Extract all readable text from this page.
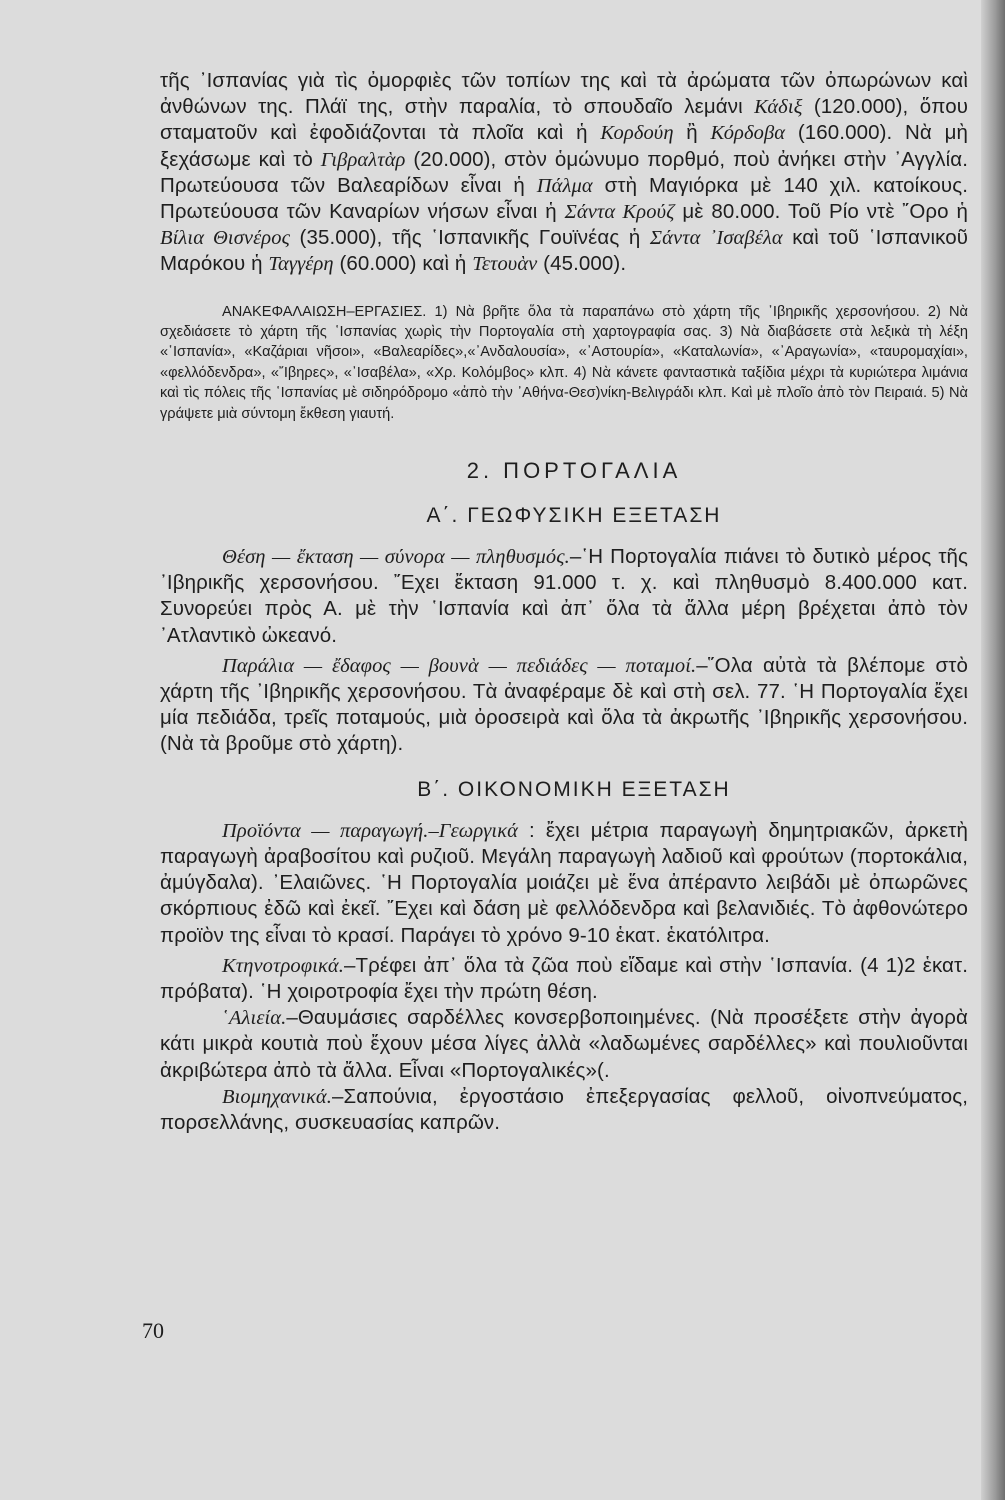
τῆς ᾿Ισπανίας γιὰ τὶς ὀμορφιὲς τῶν τοπίων της καὶ τὰ ἀρώματα τῶν ὀπωρώνων καὶ ἀνθώνων της. Πλάϊ της, στὴν παραλία, τὸ σπουδαῖο λεμάνι Κάδιξ (120.000), ὅπου σταματοῦν καὶ ἐφοδιάζονται τὰ πλοῖα καὶ ἡ Κορδούη ἢ Κόρδοβα (160.000). Νὰ μὴ ξεχάσωμε καὶ τὸ Γιβραλτὰρ (20.000), στὸν ὁμώνυμο πορθμό, ποὺ ἀνήκει στὴν ᾿Αγγλία. Πρωτεύουσα τῶν Βαλεαρίδων εἶναι ἡ Πάλμα στὴ Μαγιόρκα μὲ 140 χιλ. κατοίκους. Πρωτεύουσα τῶν Καναρίων νήσων εἶναι ἡ Σάντα Κρούζ μὲ 80.000. Τοῦ Ρίο ντὲ ῎Ορο ἡ Βίλια Θισνέρος (35.000), τῆς ῾Ισπανικῆς Γουϊνέας ἡ Σάντα ᾿Ισαβέλα καὶ τοῦ ῾Ισπανικοῦ Μαρόκου ἡ Ταγγέρη (60.000) καὶ ἡ Τετουὰν (45.000).

ΑΝΑΚΕΦΑΛΑΙΩΣΗ–ΕΡΓΑΣΙΕΣ. 1) Νὰ βρῆτε ὅλα τὰ παραπάνω στὸ χάρτη τῆς ᾿Ιβηρικῆς χερσονήσου. 2) Νὰ σχεδιάσετε τὸ χάρτη τῆς ῾Ισπανίας χωρὶς τὴν Πορτογαλία στὴ χαρτογραφία σας. 3) Νὰ διαβάσετε στὰ λεξικὰ τὴ λέξη «῾Ισπανία», «Καζάριαι νῆσοι», «Βαλεαρίδες»,«᾿Ανδαλουσία», «᾿Αστουρία», «Καταλωνία», «᾿Αραγωνία», «ταυρομαχίαι», «φελλόδενδρα», «῎Ιβηρες», «᾿Ισαβέλα», «Χρ. Κολόμβος» κλπ. 4) Νὰ κάνετε φανταστικὰ ταξίδια μέχρι τὰ κυριώτερα λιμάνια καὶ τὶς πόλεις τῆς ῾Ισπανίας μὲ σιδηρόδρομο «ἀπὸ τὴν ᾿Αθήνα-Θεσ)νίκη-Βελιγράδι κλπ. Καὶ μὲ πλοῖο ἀπὸ τὸν Πειραιά. 5) Νὰ γράψετε μιὰ σύντομη ἔκθεση γιαυτή.

2. ΠΟΡΤΟΓΑΛΙΑ
Α΄. ΓΕΩΦΥΣΙΚΗ ΕΞΕΤΑΣΗ

Θέση — ἔκταση — σύνορα — πληθυσμός.–῾Η Πορτογαλία πιάνει τὸ δυτικὸ μέρος τῆς ᾿Ιβηρικῆς χερσονήσου. ῎Εχει ἔκταση 91.000 τ. χ. καὶ πληθυσμὸ 8.400.000 κατ. Συνορεύει πρὸς Α. μὲ τὴν ῾Ισπανία καὶ ἀπ᾿ ὅλα τὰ ἄλλα μέρη βρέχεται ἀπὸ τὸν ᾿Ατλαντικὸ ὠκεανό.

Παράλια — ἔδαφος — βουνὰ — πεδιάδες — ποταμοί.–῞Ολα αὐτὰ τὰ βλέπομε στὸ χάρτη τῆς ᾿Ιβηρικῆς χερσονήσου. Τὰ ἀναφέραμε δὲ καὶ στὴ σελ. 77. ῾Η Πορτογαλία ἔχει μία πεδιάδα, τρεῖς ποταμούς, μιὰ ὀροσειρὰ καὶ ὅλα τὰ ἀκρωτῆς ᾿Ιβηρικῆς χερσονήσου. (Νὰ τὰ βροῦμε στὸ χάρτη).

Β΄. ΟΙΚΟΝΟΜΙΚΗ ΕΞΕΤΑΣΗ

Προϊόντα — παραγωγή.–Γεωργικά : ἔχει μέτρια παραγωγὴ δημητριακῶν, ἀρκετὴ παραγωγὴ ἀραβοσίτου καὶ ρυζιοῦ. Μεγάλη παραγωγὴ λαδιοῦ καὶ φρούτων (πορτοκάλια, ἀμύγδαλα). ᾿Ελαιῶνες. ῾Η Πορτογαλία μοιάζει μὲ ἕνα ἀπέραντο λειβάδι μὲ ὀπωρῶνες σκόρπιους ἐδῶ καὶ ἐκεῖ. ῎Εχει καὶ δάση μὲ φελλόδενδρα καὶ βελανιδιές. Τὸ ἀφθονώτερο προϊὸν της εἶναι τὸ κρασί. Παράγει τὸ χρόνο 9-10 ἑκατ. ἑκατόλιτρα.

Κτηνοτροφικά.–Τρέφει ἀπ᾿ ὅλα τὰ ζῶα ποὺ εἴδαμε καὶ στὴν ῾Ισπανία. (4 1)2 ἑκατ. πρόβατα). ῾Η χοιροτροφία ἔχει τὴν πρώτη θέση.

῾Αλιεία.–Θαυμάσιες σαρδέλλες κονσερβοποιημένες. (Νὰ προσέξετε στὴν ἀγορὰ κάτι μικρὰ κουτιὰ ποὺ ἔχουν μέσα λίγες ἀλλὰ «λαδωμένες σαρδέλλες» καὶ πουλιοῦνται ἀκριβώτερα ἀπὸ τὰ ἄλλα. Εἶναι «Πορτογαλικές»(.

Βιομηχανικά.–Σαπούνια, ἐργοστάσιο ἐπεξεργασίας φελλοῦ, οἰνοπνεύματος, πορσελλάνης, συσκευασίας καπρῶν.

70
